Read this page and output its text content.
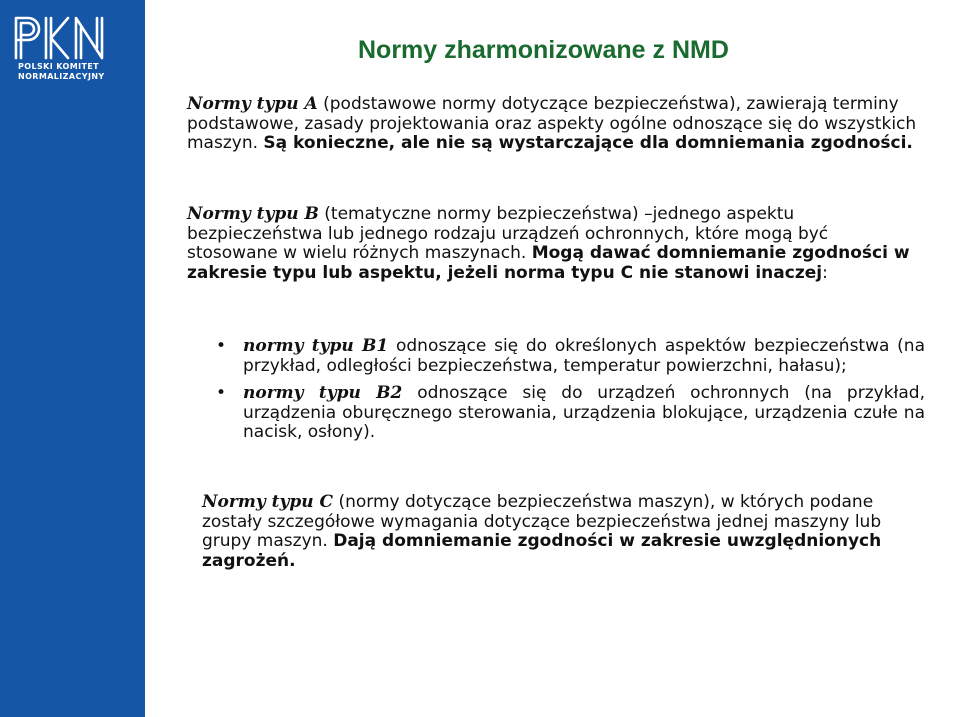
POLSKI KOMITET
NORMALIZACYJNY
Normy zharmonizowane z NMD

Normy typu A (podstawowe normy dotyczące bezpieczeństwa), zawierają terminy podstawowe, zasady projektowania oraz aspekty ogólne odnoszące się do wszystkich maszyn. Są konieczne, ale nie są wystarczające dla domniemania zgodności.

Normy typu B (tematyczne normy bezpieczeństwa) –jednego aspektu bezpieczeństwa lub jednego rodzaju urządzeń ochronnych, które mogą być stosowane w wielu różnych maszynach. Mogą dawać domniemanie zgodności w zakresie typu lub aspektu, jeżeli norma typu C nie stanowi inaczej:

• normy typu B1 odnoszące się do określonych aspektów bezpieczeństwa (na przykład, odległości bezpieczeństwa, temperatur powierzchni, hałasu);
• normy typu B2 odnoszące się do urządzeń ochronnych (na przykład, urządzenia oburęcznego sterowania, urządzenia blokujące, urządzenia czułe na nacisk, osłony).

Normy typu C (normy dotyczące bezpieczeństwa maszyn), w których podane zostały szczegółowe wymagania dotyczące bezpieczeństwa jednej maszyny lub grupy maszyn. Dają domniemanie zgodności w zakresie uwzględnionych zagrożeń.
